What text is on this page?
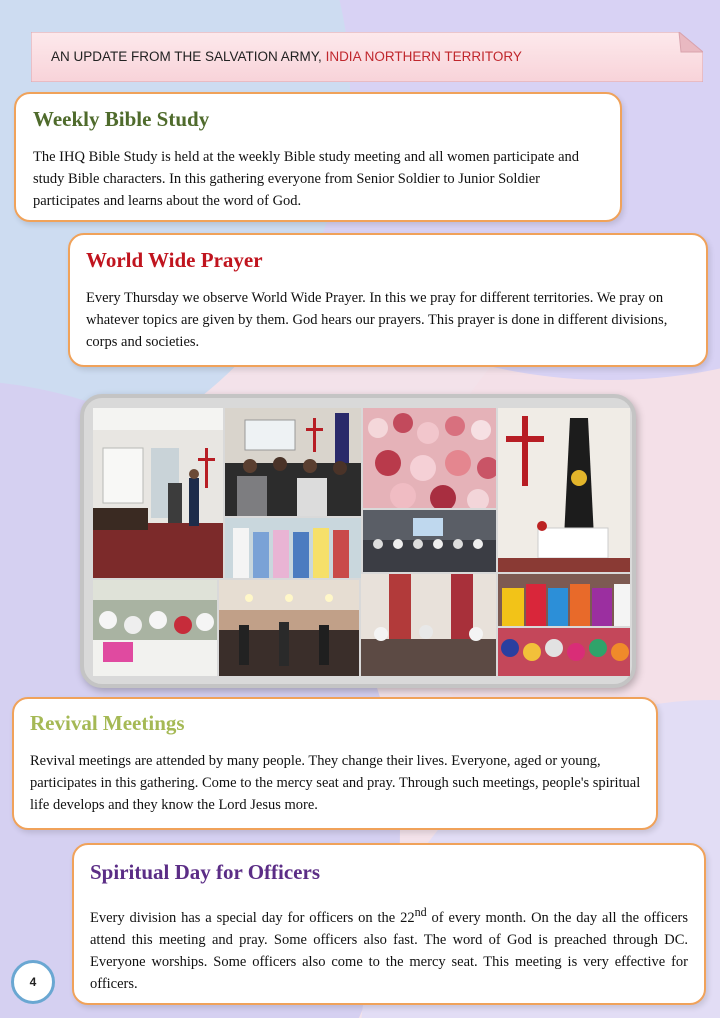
AN UPDATE FROM THE SALVATION ARMY, INDIA NORTHERN TERRITORY
Weekly Bible Study

The IHQ Bible Study is held at the weekly Bible study meeting and all women participate and study Bible characters. In this gathering everyone from Senior Soldier to Junior Soldier participates and learns about the word of God.

World Wide Prayer

Every Thursday we observe World Wide Prayer. In this we pray for different territories. We pray on whatever topics are given by them. God hears our prayers. This prayer is done in different divisions, corps and societies.

Revival Meetings

Revival meetings are attended by many people. They change their lives. Everyone, aged or young, participates in this gathering. Come to the mercy seat and pray. Through such meetings, people's spiritual life develops and they know the Lord Jesus more.

Spiritual Day for Officers

Every division has a special day for officers on the 22nd of every month. On the day all the officers attend this meeting and pray. Some officers also fast. The word of God is preached through DC. Everyone worships. Some officers also come to the mercy seat. This meeting is very effective for officers.

4
